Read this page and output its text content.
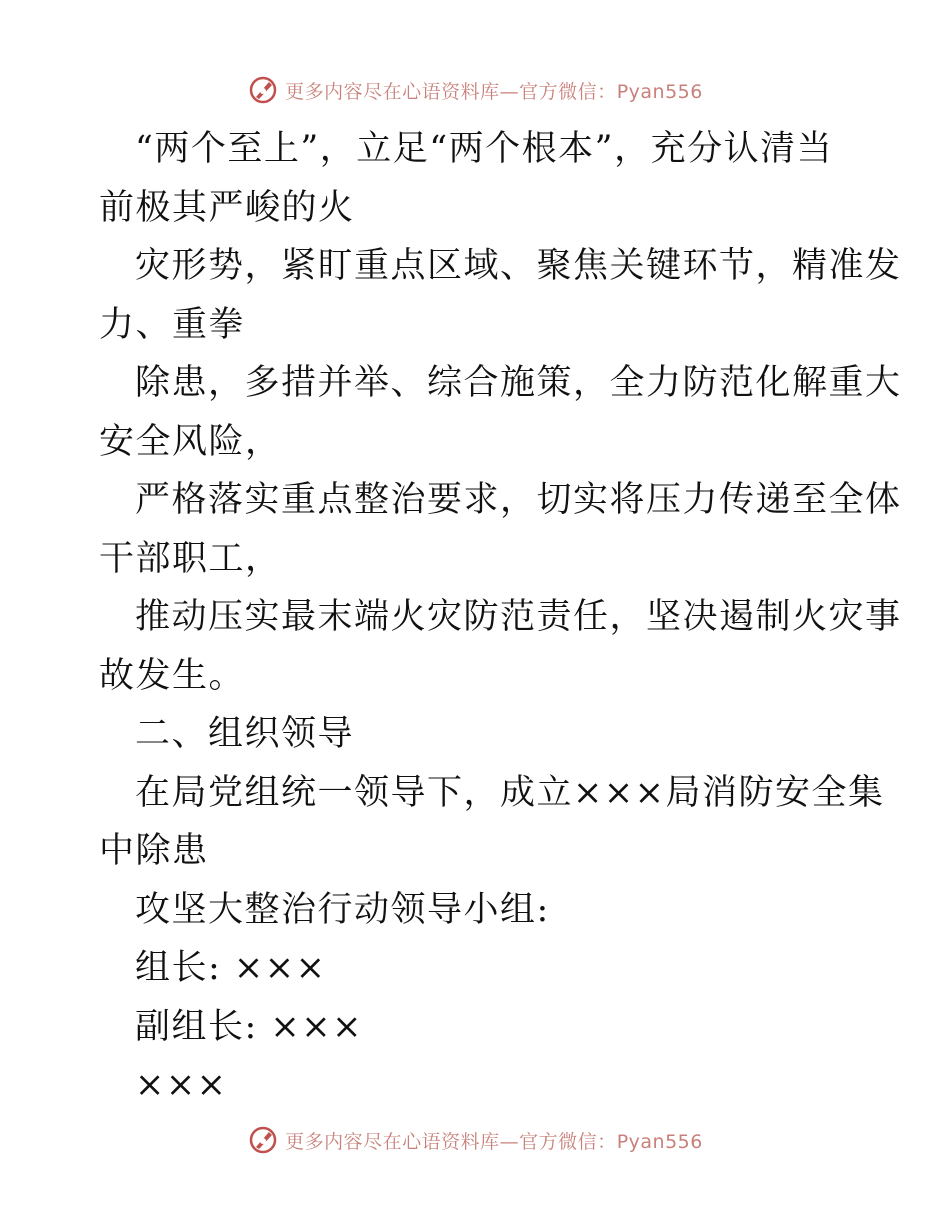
更多内容尽在心语资料库—官方微信：Pyan556
“两个至上”，立足“两个根本”，充分认清当
前极其严峻的火
灾形势，紧盯重点区域、聚焦关键环节，精准发
力、重拳
除患，多措并举、综合施策，全力防范化解重大
安全风险，
严格落实重点整治要求，切实将压力传递至全体
干部职工，
推动压实最末端火灾防范责任，坚决遏制火灾事
故发生。
二、组织领导
在局党组统一领导下，成立×××局消防安全集
中除患
攻坚大整治行动领导小组:
组长: ×××
副组长: ×××
×××
更多内容尽在心语资料库—官方微信：Pyan556
